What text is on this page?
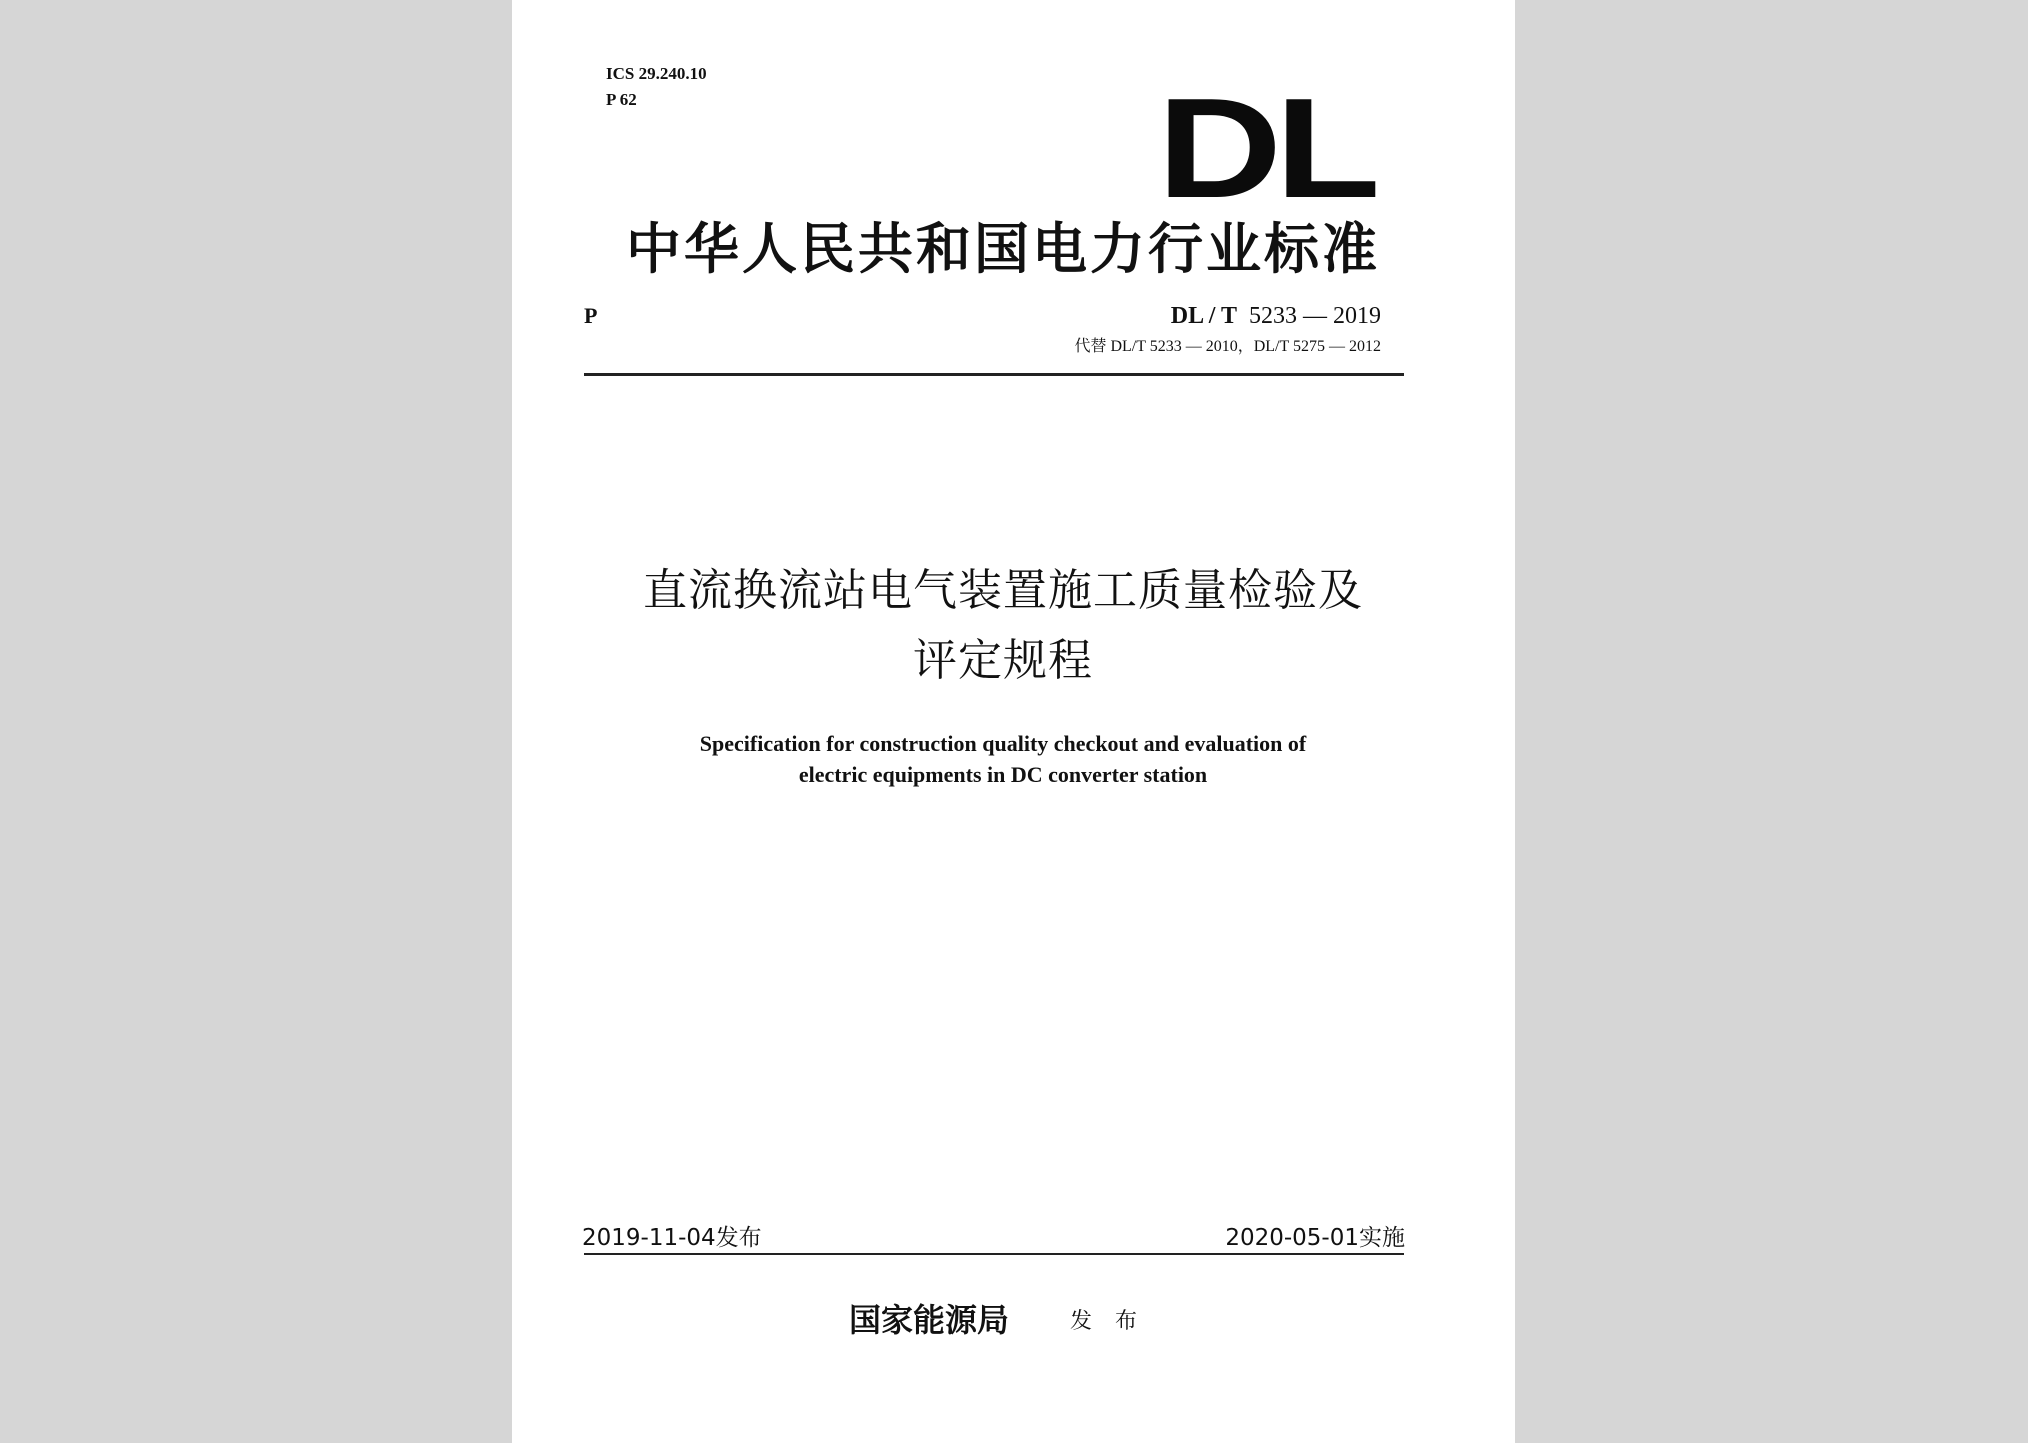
ICS 29.240.10
P 62	DL
中华人民共和国电力行业标准
P	DL / T 5233 — 2019
代替 DL/T 5233 — 2010，DL/T 5275 — 2012
直流换流站电气装置施工质量检验及
评定规程
Specification for construction quality checkout and evaluation of
electric equipments in DC converter station
2019-11-04发布	2020-05-01实施
国家能源局	发 布
